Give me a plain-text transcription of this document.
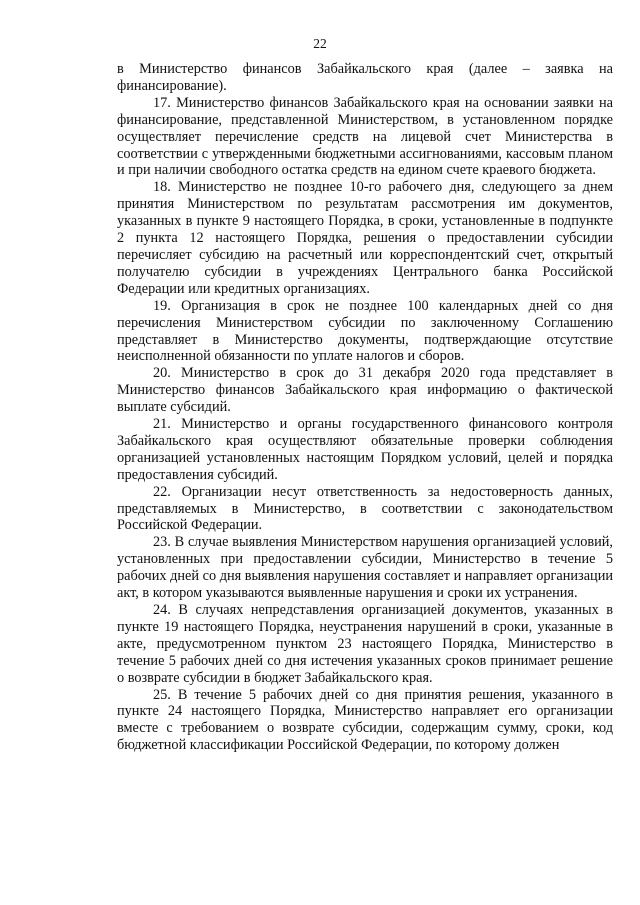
22

в Министерство финансов Забайкальского края (далее – заявка на финансирование).

17. Министерство финансов Забайкальского края на основании заявки на финансирование, представленной Министерством, в установленном порядке осуществляет перечисление средств на лицевой счет Министерства в соответствии с утвержденными бюджетными ассигнованиями, кассовым планом и при наличии свободного остатка средств на едином счете краевого бюджета.

18. Министерство не позднее 10-го рабочего дня, следующего за днем принятия Министерством по результатам рассмотрения им документов, указанных в пункте 9 настоящего Порядка, в сроки, установленные в подпункте 2 пункта 12 настоящего Порядка, решения о предоставлении субсидии перечисляет субсидию на расчетный или корреспондентский счет, открытый получателю субсидии в учреждениях Центрального банка Российской Федерации или кредитных организациях.

19. Организация в срок не позднее 100 календарных дней со дня перечисления Министерством субсидии по заключенному Соглашению представляет в Министерство документы, подтверждающие отсутствие неисполненной обязанности по уплате налогов и сборов.

20. Министерство в срок до 31 декабря 2020 года представляет в Министерство финансов Забайкальского края информацию о фактической выплате субсидий.

21. Министерство и органы государственного финансового контроля Забайкальского края осуществляют обязательные проверки соблюдения организацией установленных настоящим Порядком условий, целей и порядка предоставления субсидий.

22. Организации несут ответственность за недостоверность данных, представляемых в Министерство, в соответствии с законодательством Российской Федерации.

23. В случае выявления Министерством нарушения организацией условий, установленных при предоставлении субсидии, Министерство в течение 5 рабочих дней со дня выявления нарушения составляет и направляет организации акт, в котором указываются выявленные нарушения и сроки их устранения.

24. В случаях непредставления организацией документов, указанных в пункте 19 настоящего Порядка, неустранения нарушений в сроки, указанные в акте, предусмотренном пунктом 23 настоящего Порядка, Министерство в течение 5 рабочих дней со дня истечения указанных сроков принимает решение о возврате субсидии в бюджет Забайкальского края.

25. В течение 5 рабочих дней со дня принятия решения, указанного в пункте 24 настоящего Порядка, Министерство направляет его организации вместе с требованием о возврате субсидии, содержащим сумму, сроки, код бюджетной классификации Российской Федерации, по которому должен
